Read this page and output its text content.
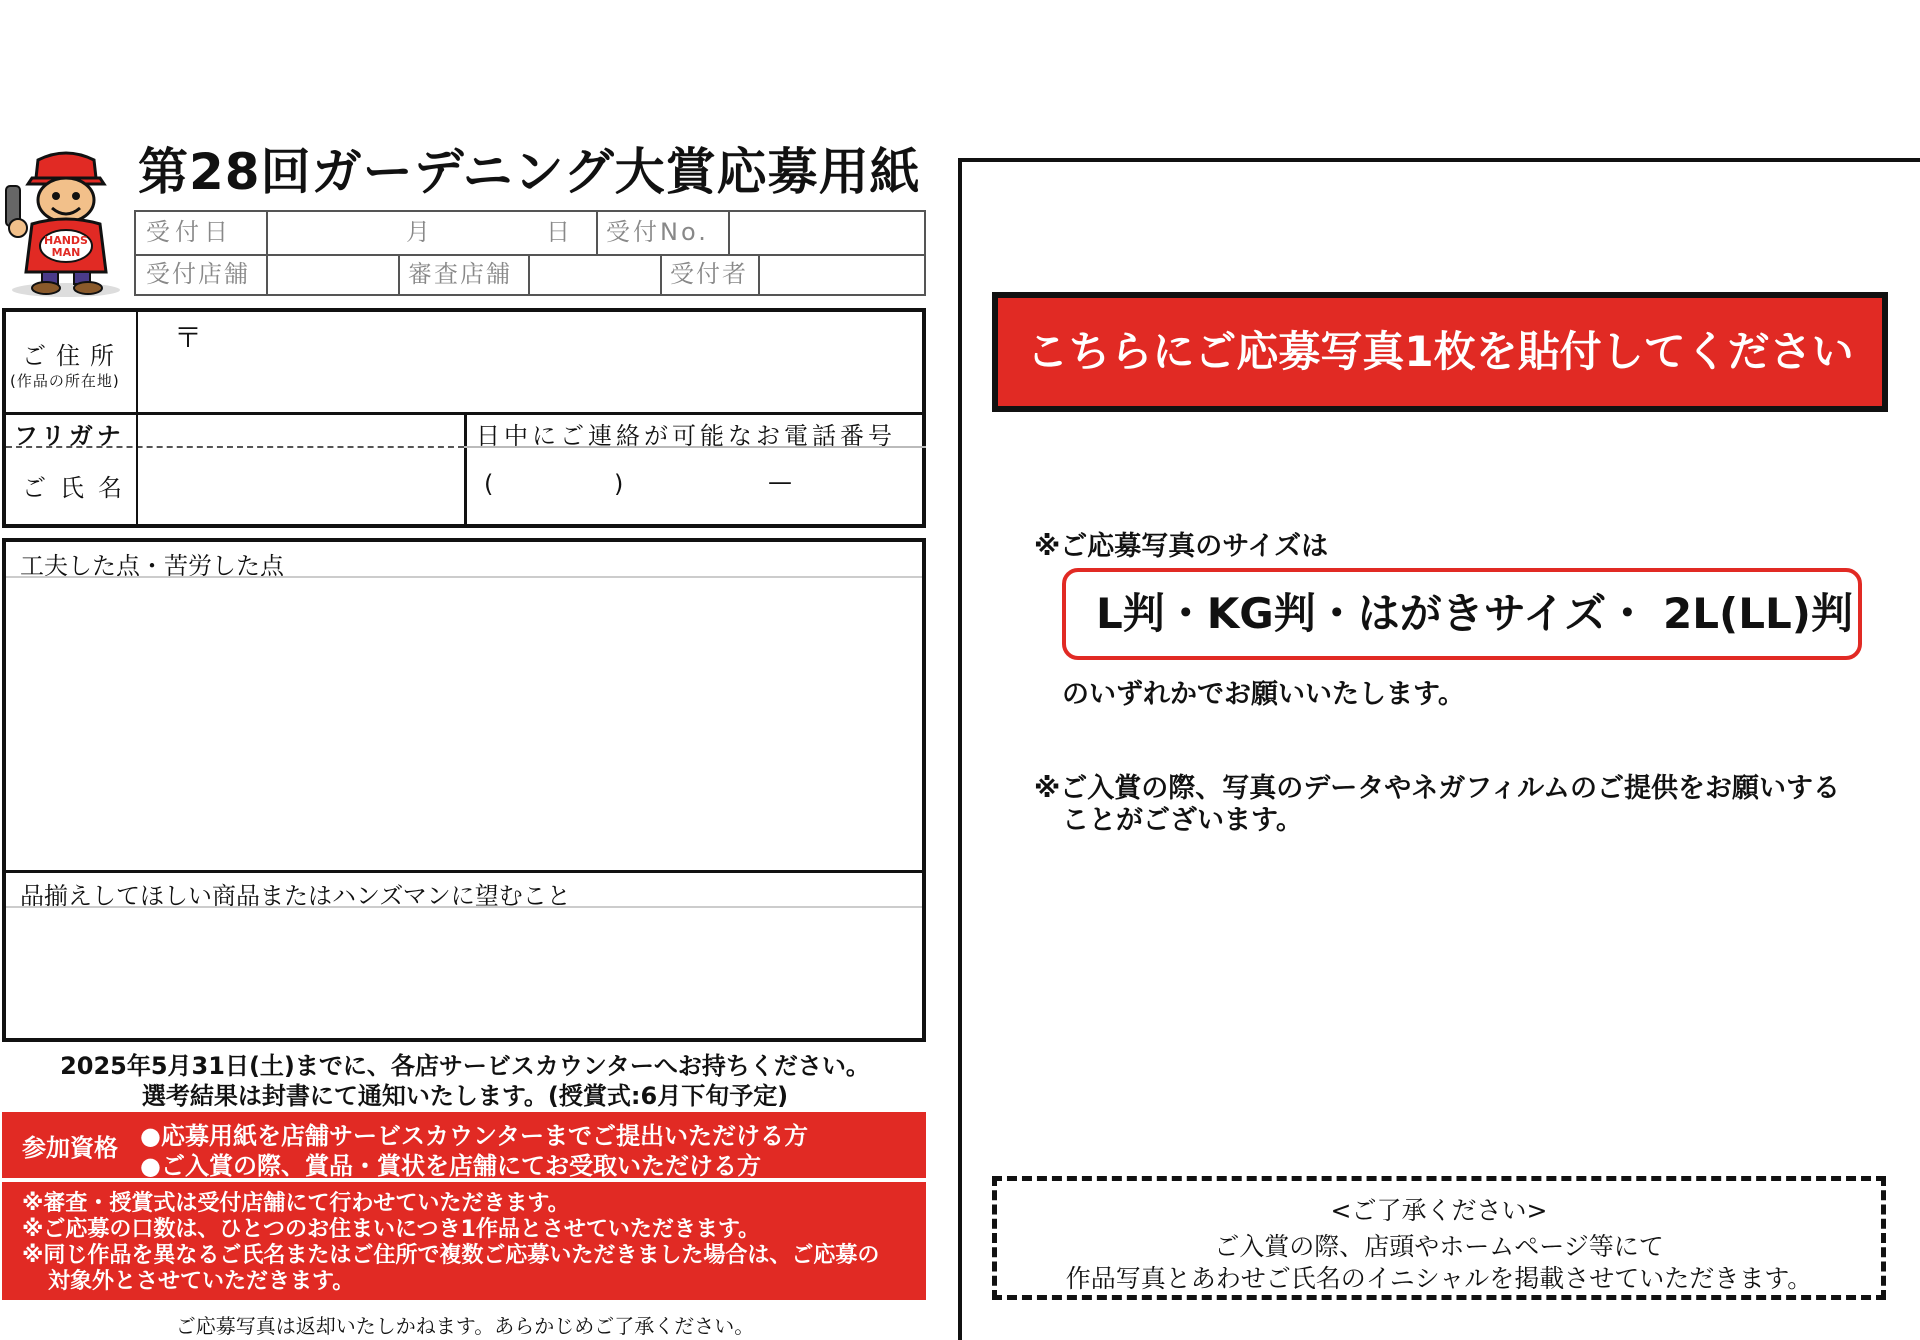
HANDS
MAN
第28回ガーデニング大賞応募用紙
受付日	月	日	受付No.
受付店舗	審査店舗	受付者
ご住所
(作品の所在地)
〒
フリガナ	日中にご連絡が可能なお電話番号
ご氏名	(	)	—
工夫した点・苦労した点
品揃えしてほしい商品またはハンズマンに望むこと
2025年5月31日(土)までに、各店サービスカウンターへお持ちください。
選考結果は封書にて通知いたします。(授賞式:6月下旬予定)
参加資格 ●応募用紙を店舗サービスカウンターまでご提出いただける方
●ご入賞の際、賞品・賞状を店舗にてお受取いただける方
※審査・授賞式は受付店舗にて行わせていただきます。
※ご応募の口数は、ひとつのお住まいにつき1作品とさせていただきます。
※同じ作品を異なるご氏名またはご住所で複数ご応募いただきました場合は、ご応募の
対象外とさせていただきます。
ご応募写真は返却いたしかねます。あらかじめご了承ください。
こちらにご応募写真1枚を貼付してください
※ご応募写真のサイズは
L判・KG判・はがきサイズ・ 2L(LL)判
のいずれかでお願いいたします。
※ご入賞の際、写真のデータやネガフィルムのご提供をお願いする
ことがございます。
<ご了承ください>
ご入賞の際、店頭やホームページ等にて
作品写真とあわせご氏名のイニシャルを掲載させていただきます。
